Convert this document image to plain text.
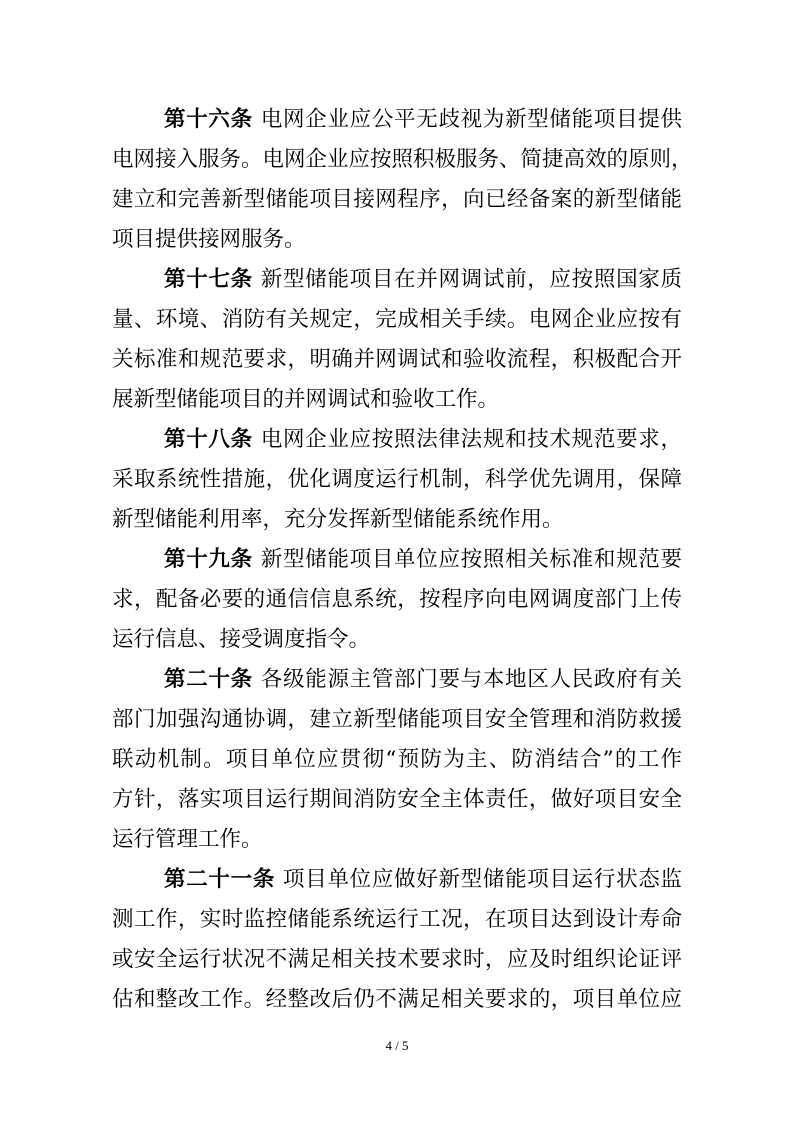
第十六条 电网企业应公平无歧视为新型储能项目提供
电网接入服务。电网企业应按照积极服务、简捷高效的原则，
建立和完善新型储能项目接网程序，向已经备案的新型储能
项目提供接网服务。
第十七条 新型储能项目在并网调试前，应按照国家质
量、环境、消防有关规定，完成相关手续。电网企业应按有
关标准和规范要求，明确并网调试和验收流程，积极配合开
展新型储能项目的并网调试和验收工作。
第十八条 电网企业应按照法律法规和技术规范要求，
采取系统性措施，优化调度运行机制，科学优先调用，保障
新型储能利用率，充分发挥新型储能系统作用。
第十九条 新型储能项目单位应按照相关标准和规范要
求，配备必要的通信信息系统，按程序向电网调度部门上传
运行信息、接受调度指令。
第二十条 各级能源主管部门要与本地区人民政府有关
部门加强沟通协调，建立新型储能项目安全管理和消防救援
联动机制。项目单位应贯彻“预防为主、防消结合”的工作
方针，落实项目运行期间消防安全主体责任，做好项目安全
运行管理工作。
第二十一条 项目单位应做好新型储能项目运行状态监
测工作，实时监控储能系统运行工况，在项目达到设计寿命
或安全运行状况不满足相关技术要求时，应及时组织论证评
估和整改工作。经整改后仍不满足相关要求的，项目单位应
4 / 5
